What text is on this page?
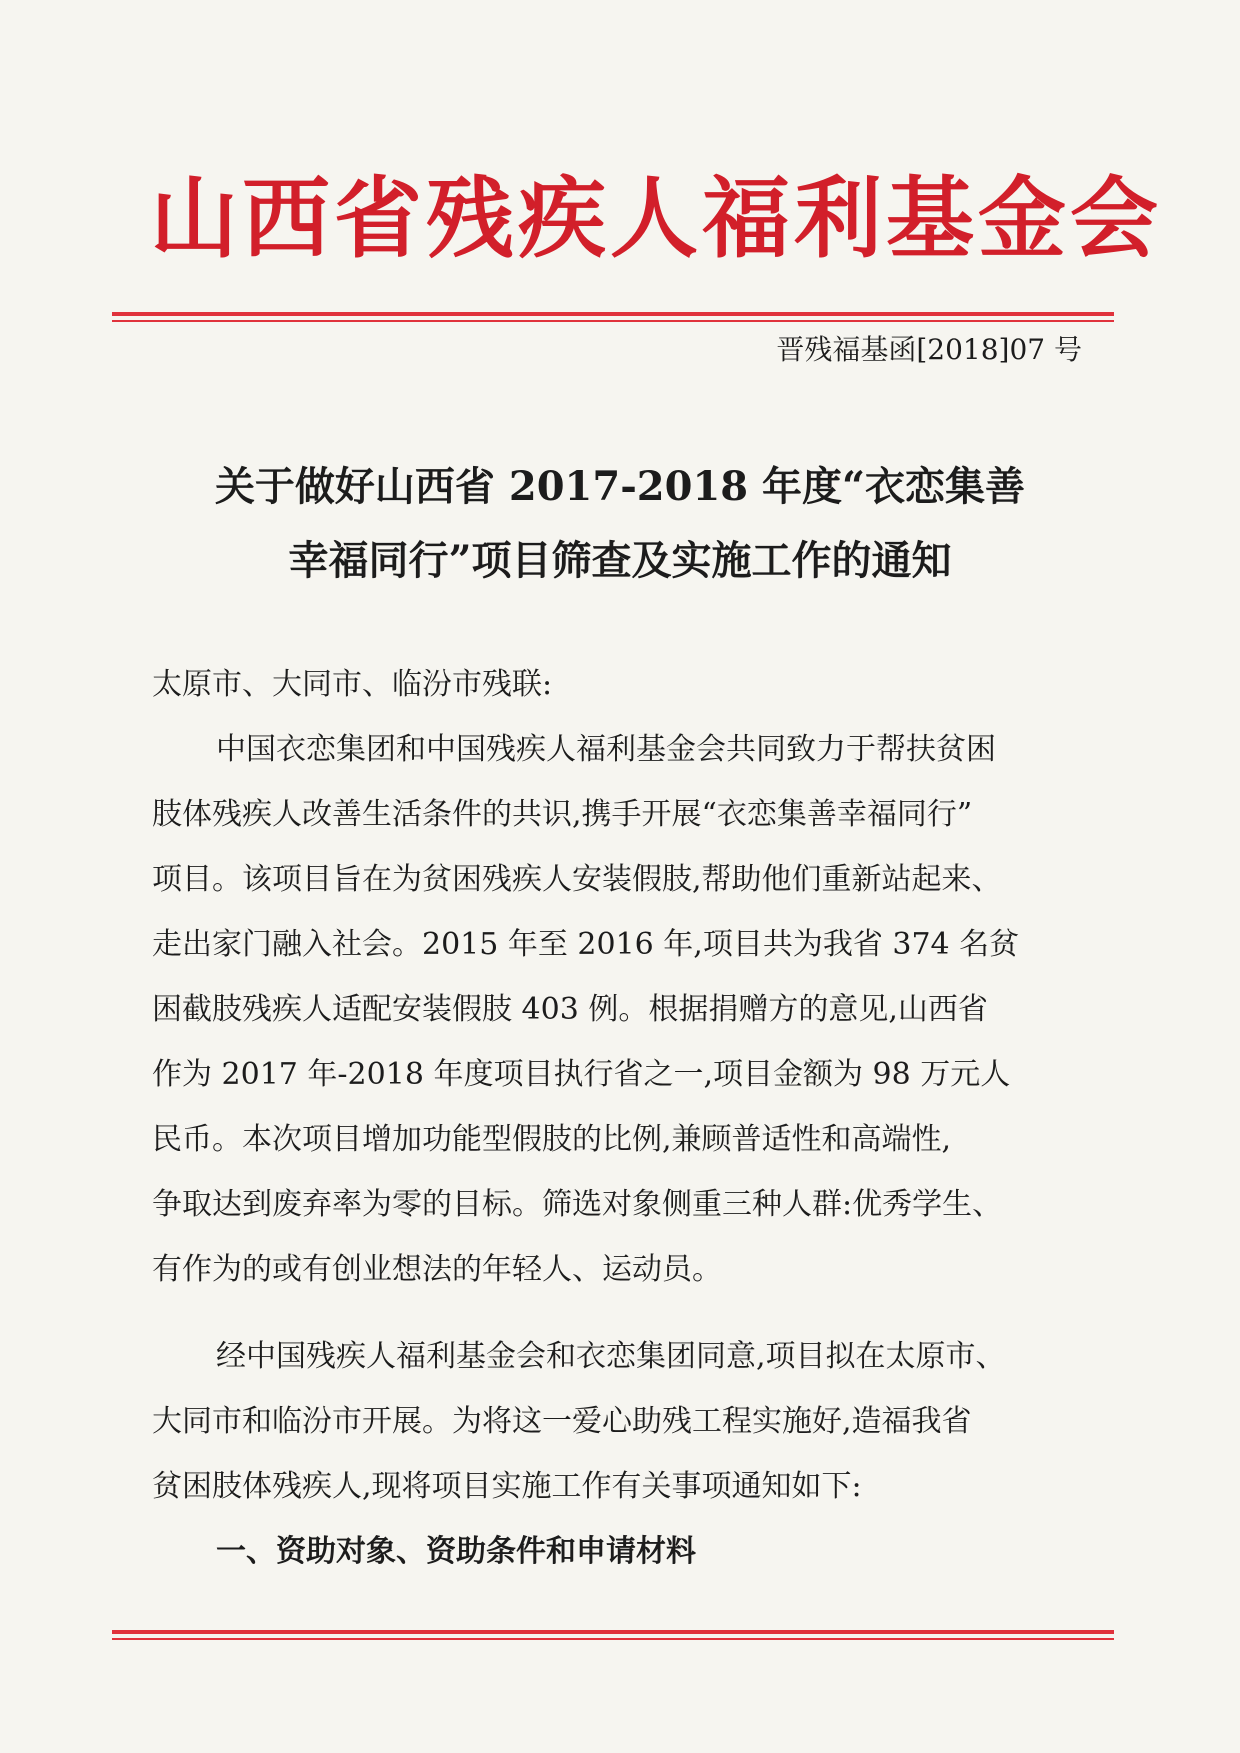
山西省残疾人福利基金会
晋残福基函[2018]07 号
关于做好山西省 2017-2018 年度“衣恋集善
幸福同行”项目筛查及实施工作的通知
太原市、大同市、临汾市残联:
中国衣恋集团和中国残疾人福利基金会共同致力于帮扶贫困
肢体残疾人改善生活条件的共识,携手开展“衣恋集善幸福同行”
项目。该项目旨在为贫困残疾人安装假肢,帮助他们重新站起来、
走出家门融入社会。2015 年至 2016 年,项目共为我省 374 名贫
困截肢残疾人适配安装假肢 403 例。根据捐赠方的意见,山西省
作为 2017 年-2018 年度项目执行省之一,项目金额为 98 万元人
民币。本次项目增加功能型假肢的比例,兼顾普适性和高端性,
争取达到废弃率为零的目标。筛选对象侧重三种人群:优秀学生、
有作为的或有创业想法的年轻人、运动员。
经中国残疾人福利基金会和衣恋集团同意,项目拟在太原市、
大同市和临汾市开展。为将这一爱心助残工程实施好,造福我省
贫困肢体残疾人,现将项目实施工作有关事项通知如下:
一、资助对象、资助条件和申请材料
